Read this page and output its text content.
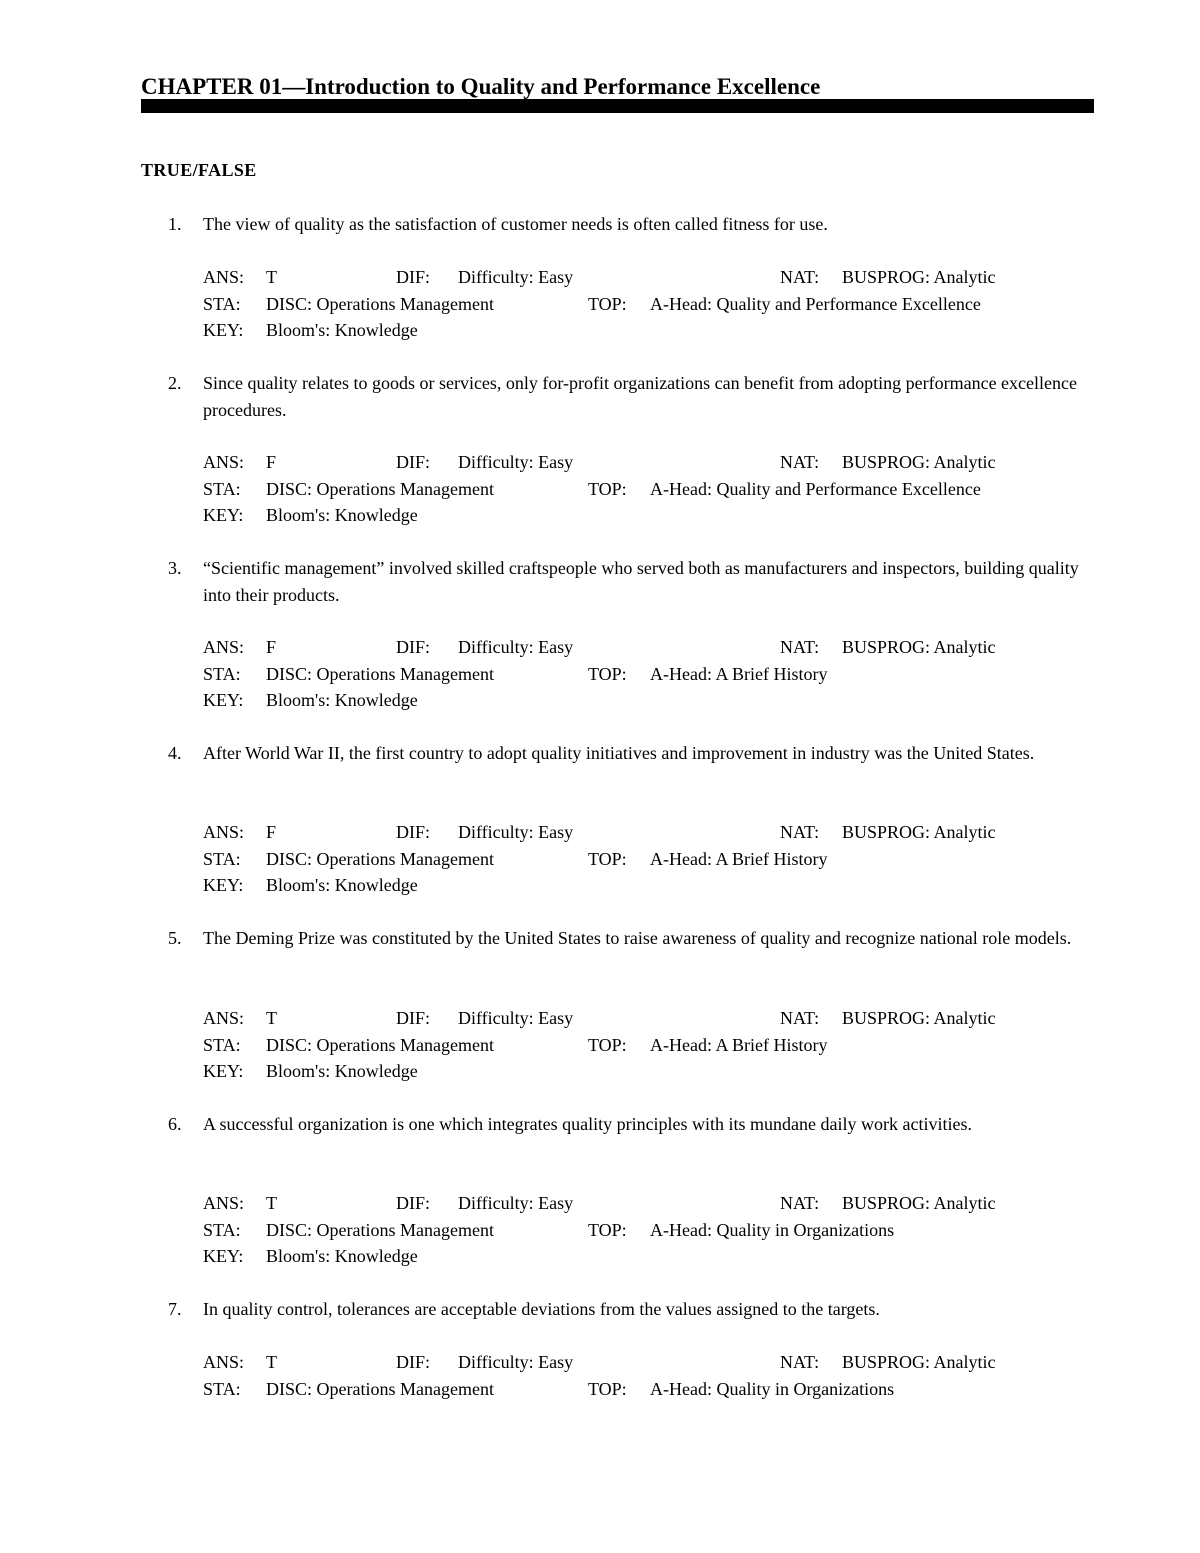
CHAPTER 01—Introduction to Quality and Performance Excellence
TRUE/FALSE
1. The view of quality as the satisfaction of customer needs is often called fitness for use.
ANS: T	DIF: Difficulty: Easy	NAT: BUSPROG: Analytic
STA: DISC: Operations Management	TOP: A-Head: Quality and Performance Excellence
KEY: Bloom's: Knowledge
2. Since quality relates to goods or services, only for-profit organizations can benefit from adopting performance excellence procedures.
ANS: F	DIF: Difficulty: Easy	NAT: BUSPROG: Analytic
STA: DISC: Operations Management	TOP: A-Head: Quality and Performance Excellence
KEY: Bloom's: Knowledge
3. “Scientific management” involved skilled craftspeople who served both as manufacturers and inspectors, building quality into their products.
ANS: F	DIF: Difficulty: Easy	NAT: BUSPROG: Analytic
STA: DISC: Operations Management	TOP: A-Head: A Brief History
KEY: Bloom's: Knowledge
4. After World War II, the first country to adopt quality initiatives and improvement in industry was the United States.
ANS: F	DIF: Difficulty: Easy	NAT: BUSPROG: Analytic
STA: DISC: Operations Management	TOP: A-Head: A Brief History
KEY: Bloom's: Knowledge
5. The Deming Prize was constituted by the United States to raise awareness of quality and recognize national role models.
ANS: T	DIF: Difficulty: Easy	NAT: BUSPROG: Analytic
STA: DISC: Operations Management	TOP: A-Head: A Brief History
KEY: Bloom's: Knowledge
6. A successful organization is one which integrates quality principles with its mundane daily work activities.
ANS: T	DIF: Difficulty: Easy	NAT: BUSPROG: Analytic
STA: DISC: Operations Management	TOP: A-Head: Quality in Organizations
KEY: Bloom's: Knowledge
7. In quality control, tolerances are acceptable deviations from the values assigned to the targets.
ANS: T	DIF: Difficulty: Easy	NAT: BUSPROG: Analytic
STA: DISC: Operations Management	TOP: A-Head: Quality in Organizations
